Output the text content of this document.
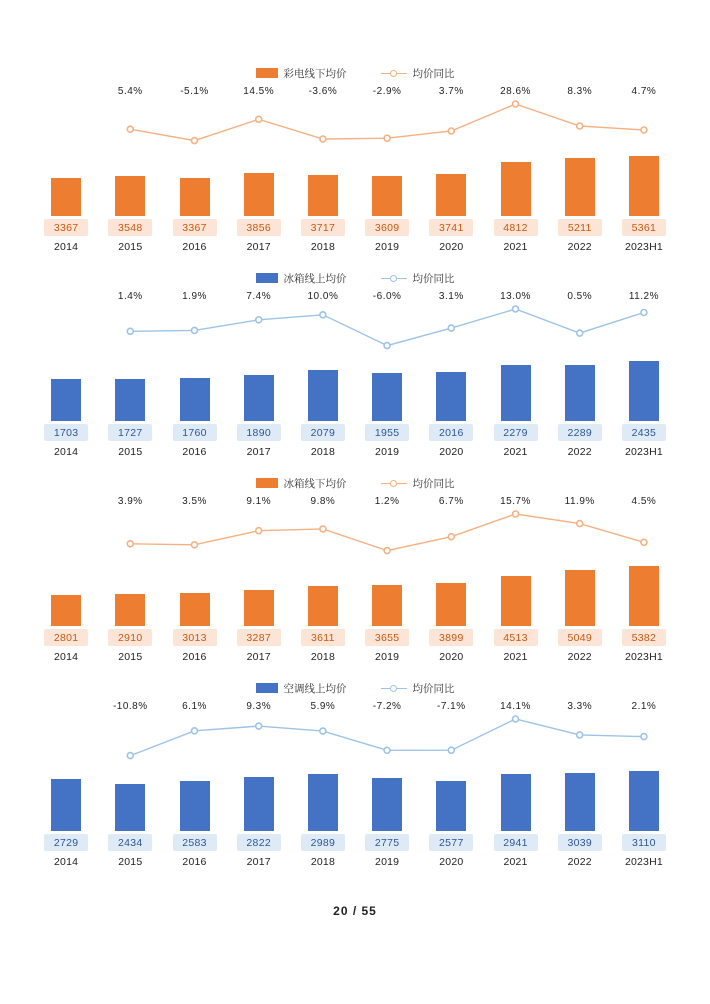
彩电线下均价	均价同比
5.4%	-5.1%	14.5%	-3.6%	-2.9%	3.7%	28.6%	8.3%	4.7%
3367	3548	3367	3856	3717	3609	3741	4812	5211	5361
2014	2015	2016	2017	2018	2019	2020	2021	2022	2023H1
冰箱线上均价	均价同比
1.4%	1.9%	7.4%	10.0%	-6.0%	3.1%	13.0%	0.5%	11.2%
1703	1727	1760	1890	2079	1955	2016	2279	2289	2435
2014	2015	2016	2017	2018	2019	2020	2021	2022	2023H1
冰箱线下均价	均价同比
3.9%	3.5%	9.1%	9.8%	1.2%	6.7%	15.7%	11.9%	4.5%
2801	2910	3013	3287	3611	3655	3899	4513	5049	5382
2014	2015	2016	2017	2018	2019	2020	2021	2022	2023H1
空调线上均价	均价同比
-10.8%	6.1%	9.3%	5.9%	-7.2%	-7.1%	14.1%	3.3%	2.1%
2729	2434	2583	2822	2989	2775	2577	2941	3039	3110
2014	2015	2016	2017	2018	2019	2020	2021	2022	2023H1
20 / 55
